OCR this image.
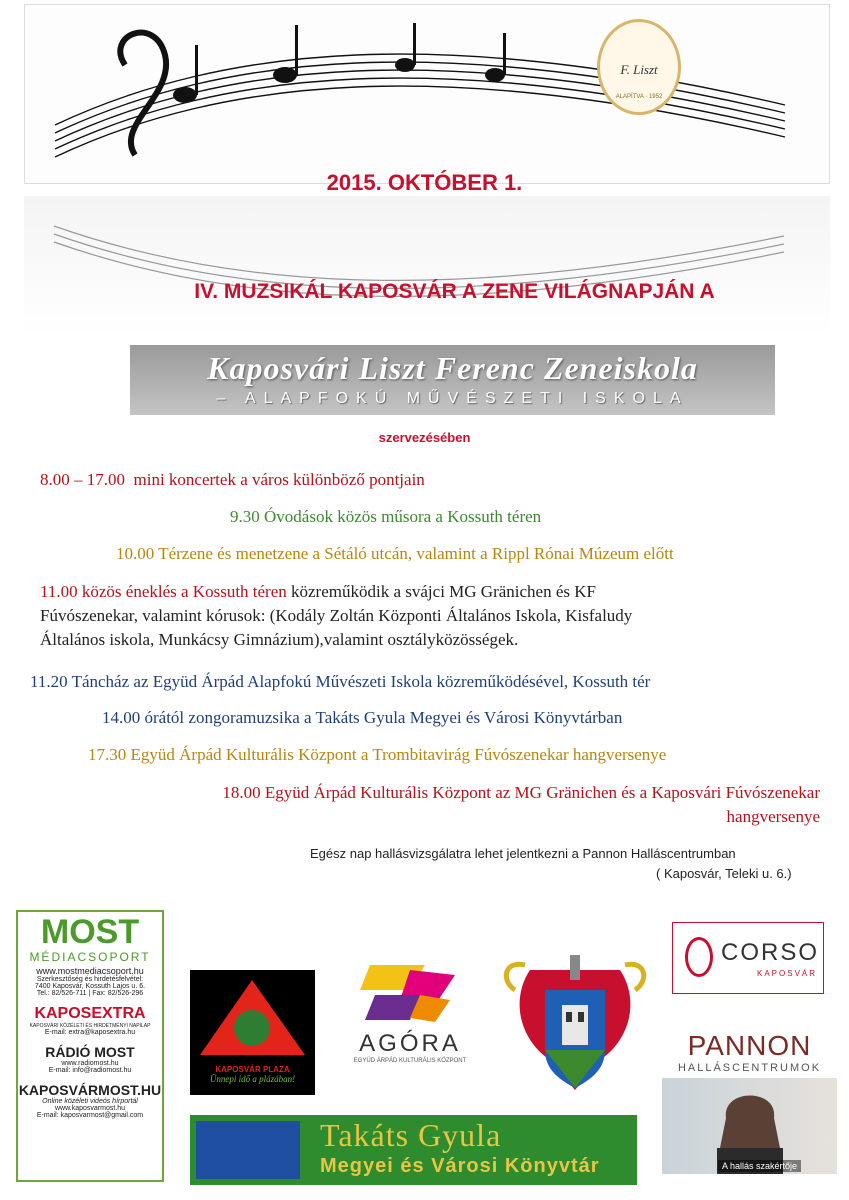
F. Liszt
ALAPÍTVA · 1952
2015. OKTÓBER 1.
IV. MUZSIKÁL KAPOSVÁR A ZENE VILÁGNAPJÁN A
Kaposvári Liszt Ferenc Zeneiskola
– ALAPFOKÚ MŰVÉSZETI ISKOLA
szervezésében
8.00 – 17.00 mini koncertek a város különböző pontjain
9.30 Óvodások közös műsora a Kossuth téren
10.00 Térzene és menetzene a Sétáló utcán, valamint a Rippl Rónai Múzeum előtt
11.00 közös éneklés a Kossuth téren közreműködik a svájci MG Gränichen és KF
Fúvószenekar, valamint kórusok: (Kodály Zoltán Központi Általános Iskola, Kisfaludy
Általános iskola, Munkácsy Gimnázium),valamint osztályközösségek.
11.20 Táncház az Együd Árpád Alapfokú Művészeti Iskola közreműködésével, Kossuth tér
14.00 órától zongoramuzsika a Takáts Gyula Megyei és Városi Könyvtárban
17.30 Együd Árpád Kulturális Központ a Trombitavirág Fúvószenekar hangversenye
18.00 Együd Árpád Kulturális Központ az MG Gränichen és a Kaposvári Fúvószenekar
hangversenye
Egész nap hallásvizsgálatra lehet jelentkezni a Pannon Halláscentrumban
( Kaposvár, Teleki u. 6.)
MOST
MÉDIACSOPORT
www.mostmediacsoport.hu
Szerkesztőség és hirdetésfelvétel:
7400 Kaposvár, Kossuth Lajos u. 6.
Tel.: 82/526-711 | Fax: 82/526-296
KAPOSEXTRA
KAPOSVÁRI KÖZÉLETI ÉS HIRDETMÉNYI NAPILAP
E-mail: extra@kaposextra.hu
RÁDIÓ MOST
www.radiomost.hu
E-mail: info@radiomost.hu
KAPOSVÁRMOST.HU
Online közéleti videós hírportál
www.kaposvarmost.hu
E-mail: kaposvarmost@gmail.com
KAPOSVÁR PLAZA
Ünnepi idő a plázában!
AGÓRA
EGYÜD ÁRPÁD KULTURÁLIS KÖZPONT
CORSO
KAPOSVÁR
PANNON
HALLÁSCENTRUMOK
A hallás szakértője
Takáts Gyula
Megyei és Városi Könyvtár
